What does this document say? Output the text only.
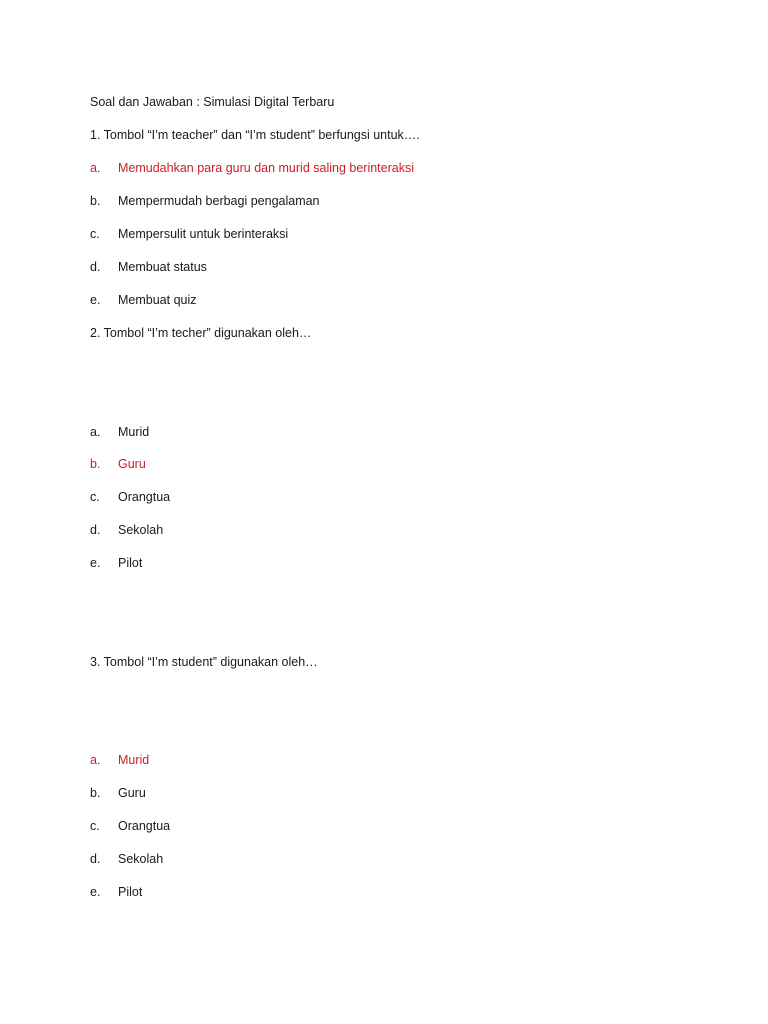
Soal dan Jawaban : Simulasi Digital Terbaru
1. Tombol “I’m teacher” dan “I’m student” berfungsi untuk….
a. Memudahkan para guru dan murid saling berinteraksi
b. Mempermudah berbagi pengalaman
c. Mempersulit untuk berinteraksi
d. Membuat status
e. Membuat quiz
2. Tombol “I’m techer” digunakan oleh…
a. Murid
b. Guru
c. Orangtua
d. Sekolah
e. Pilot
3. Tombol “I’m student” digunakan oleh…
a. Murid
b. Guru
c. Orangtua
d. Sekolah
e. Pilot
